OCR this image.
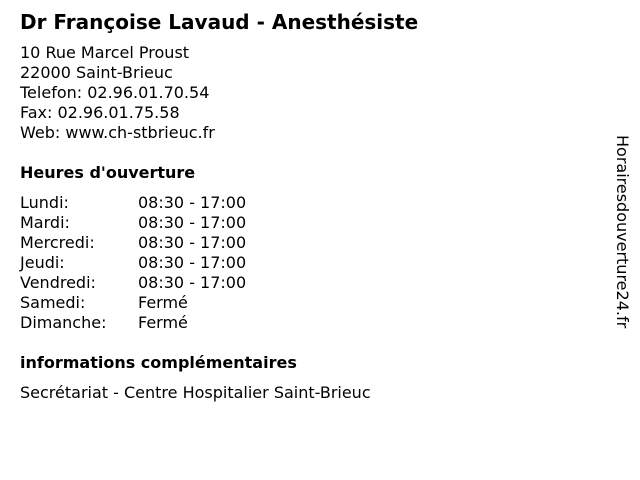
Dr Françoise Lavaud - Anesthésiste
10 Rue Marcel Proust
22000 Saint-Brieuc
Telefon: 02.96.01.70.54
Fax: 02.96.01.75.58
Web: www.ch-stbrieuc.fr
Heures d'ouverture
Lundi:	08:30 - 17:00
Mardi:	08:30 - 17:00
Mercredi:	08:30 - 17:00
Jeudi:	08:30 - 17:00
Vendredi:	08:30 - 17:00
Samedi:	Fermé
Dimanche:	Fermé
informations complémentaires
Secrétariat - Centre Hospitalier Saint-Brieuc
Horairesdouverture24.fr
